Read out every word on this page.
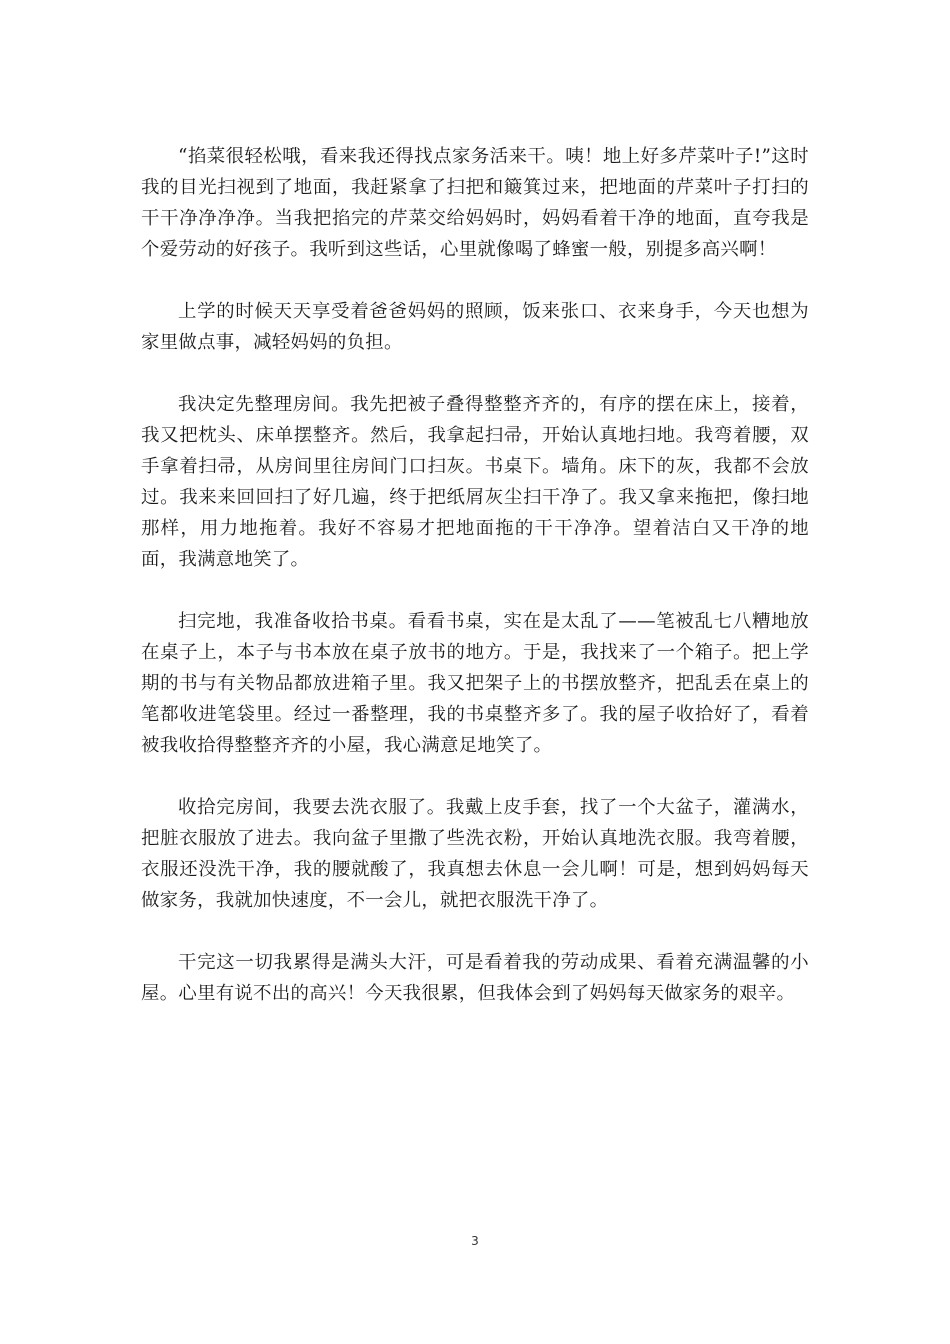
“掐菜很轻松哦，看来我还得找点家务活来干。咦！地上好多芹菜叶子!”这时我的目光扫视到了地面，我赶紧拿了扫把和簸箕过来，把地面的芹菜叶子打扫的干干净净净净。当我把掐完的芹菜交给妈妈时，妈妈看着干净的地面，直夸我是个爱劳动的好孩子。我听到这些话，心里就像喝了蜂蜜一般，别提多高兴啊！

上学的时候天天享受着爸爸妈妈的照顾，饭来张口、衣来身手，今天也想为家里做点事，减轻妈妈的负担。

我决定先整理房间。我先把被子叠得整整齐齐的，有序的摆在床上，接着，我又把枕头、床单摆整齐。然后，我拿起扫帚，开始认真地扫地。我弯着腰，双手拿着扫帚，从房间里往房间门口扫灰。书桌下。墙角。床下的灰，我都不会放过。我来来回回扫了好几遍，终于把纸屑灰尘扫干净了。我又拿来拖把，像扫地那样，用力地拖着。我好不容易才把地面拖的干干净净。望着洁白又干净的地面，我满意地笑了。

扫完地，我准备收拾书桌。看看书桌，实在是太乱了——笔被乱七八糟地放在桌子上，本子与书本放在桌子放书的地方。于是，我找来了一个箱子。把上学期的书与有关物品都放进箱子里。我又把架子上的书摆放整齐，把乱丢在桌上的笔都收进笔袋里。经过一番整理，我的书桌整齐多了。我的屋子收拾好了，看着被我收拾得整整齐齐的小屋，我心满意足地笑了。

收拾完房间，我要去洗衣服了。我戴上皮手套，找了一个大盆子，灌满水，把脏衣服放了进去。我向盆子里撒了些洗衣粉，开始认真地洗衣服。我弯着腰，衣服还没洗干净，我的腰就酸了，我真想去休息一会儿啊！可是，想到妈妈每天做家务，我就加快速度，不一会儿，就把衣服洗干净了。

干完这一切我累得是满头大汗，可是看着我的劳动成果、看着充满温馨的小屋。心里有说不出的高兴！今天我很累，但我体会到了妈妈每天做家务的艰辛。

3
